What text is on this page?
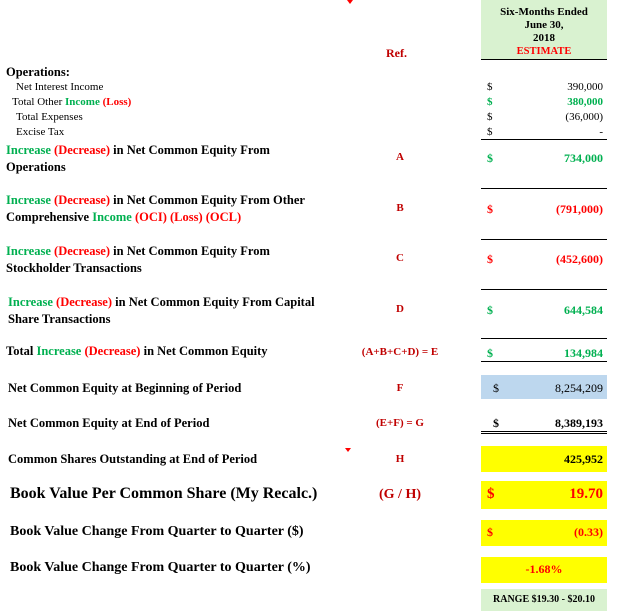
Six-Months Ended
June 30,
2018
ESTIMATE
Ref.
Operations:
Net Interest Income	$	390,000
Total Other Income (Loss)	$	380,000
Total Expenses	$	(36,000)
Excise Tax	$	-
Increase (Decrease) in Net Common Equity From
Operations
A	$	734,000
Increase (Decrease) in Net Common Equity From Other
Comprehensive Income (OCI) (Loss) (OCL)
B	$	(791,000)
Increase (Decrease) in Net Common Equity From
Stockholder Transactions
C	$	(452,600)
Increase (Decrease) in Net Common Equity From Capital
Share Transactions
D	$	644,584
Total Increase (Decrease) in Net Common Equity	(A+B+C+D) = E	$	134,984
Net Common Equity at Beginning of Period	F	$	8,254,209
Net Common Equity at End of Period	(E+F) = G	$	8,389,193
Common Shares Outstanding at End of Period	H	425,952
Book Value Per Common Share (My Recalc.)	(G / H)	$	19.70
Book Value Change From Quarter to Quarter ($)	$	(0.33)
Book Value Change From Quarter to Quarter (%)	-1.68%
RANGE $19.30 - $20.10
